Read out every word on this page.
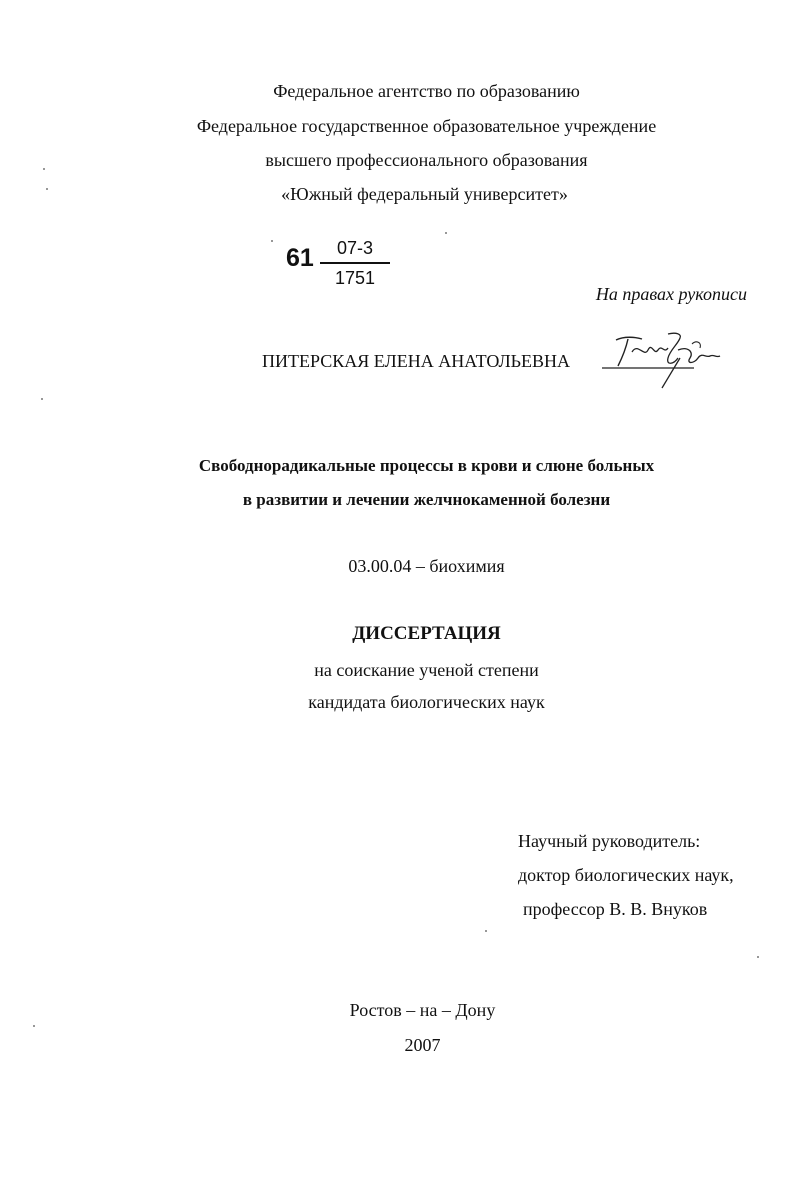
Федеральное агентство по образованию
Федеральное государственное образовательное учреждение
высшего профессионального образования
«Южный федеральный университет»
61 07-3
1751
На правах рукописи
ПИТЕРСКАЯ ЕЛЕНА АНАТОЛЬЕВНА
Свободнорадикальные процессы в крови и слюне больных
в развитии и лечении желчнокаменной болезни
03.00.04 – биохимия
ДИССЕРТАЦИЯ
на соискание ученой степени
кандидата биологических наук
Научный руководитель:
доктор биологических наук,
профессор В. В. Внуков
Ростов – на – Дону
2007
